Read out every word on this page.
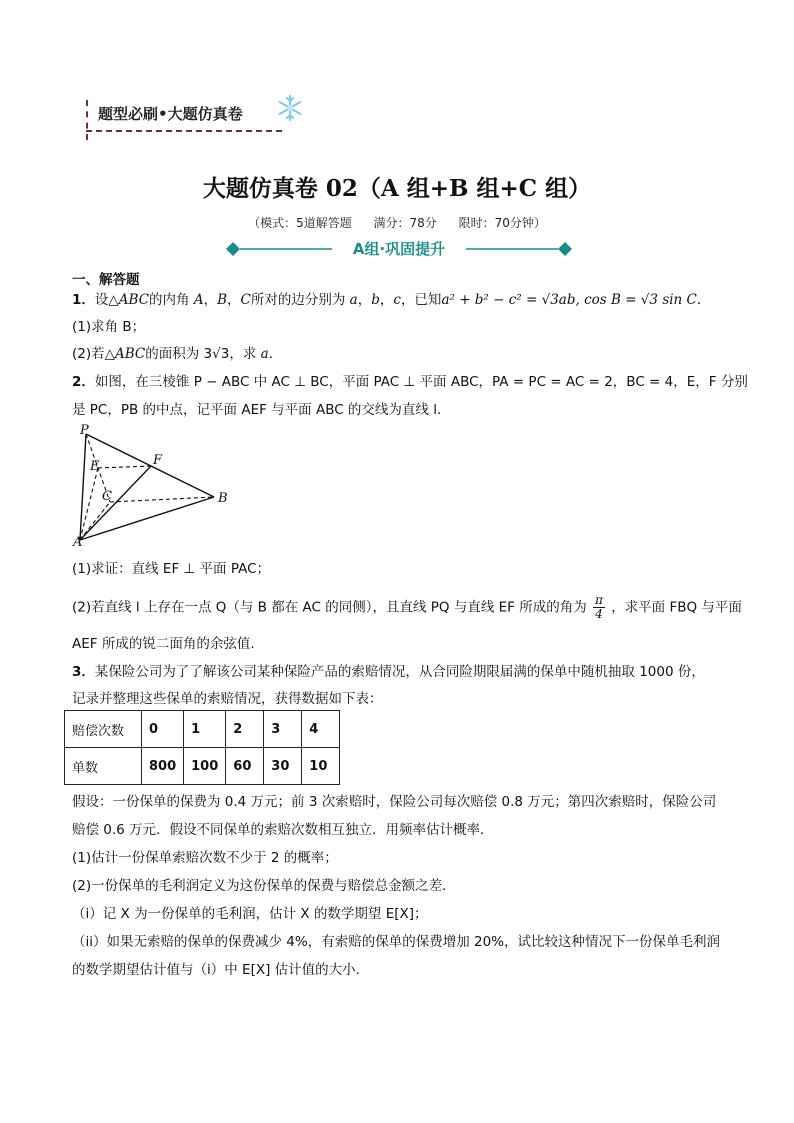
题型必刷•大题仿真卷
大题仿真卷 02（A 组+B 组+C 组）
（模式：5道解答题 满分：78分 限时：70分钟）
A组·巩固提升
一、解答题
1．设△ABC的内角 A，B，C所对的边分别为 a，b，c，已知a² + b² − c² = √3ab, cos B = √3 sin C．
(1)求角 B；
(2)若△ABC的面积为 3√3，求 a．
2．如图，在三棱锥 P − ABC 中 AC ⊥ BC，平面 PAC ⊥ 平面 ABC，PA = PC = AC = 2，BC = 4，E，F 分别
是 PC，PB 的中点，记平面 AEF 与平面 ABC 的交线为直线 l．
(1)求证：直线 EF ⊥ 平面 PAC；
(2)若直线 l 上存在一点 Q（与 B 都在 AC 的同侧），且直线 PQ 与直线 EF 所成的角为 $\frac{\pi}{4}$ ，求平面 FBQ 与平面
AEF 所成的锐二面角的余弦值.
3．某保险公司为了了解该公司某种保险产品的索赔情况，从合同险期限届满的保单中随机抽取 1000 份，
记录并整理这些保单的索赔情况，获得数据如下表：
假设：一份保单的保费为 0.4 万元；前 3 次索赔时，保险公司每次赔偿 0.8 万元；第四次索赔时，保险公司
赔偿 0.6 万元．假设不同保单的索赔次数相互独立．用频率估计概率．
(1)估计一份保单索赔次数不少于 2 的概率；
(2)一份保单的毛利润定义为这份保单的保费与赔偿总金额之差．
（i）记 X 为一份保单的毛利润，估计 X 的数学期望 E[X]；
（ii）如果无索赔的保单的保费减少 4%，有索赔的保单的保费增加 20%，试比较这种情况下一份保单毛利润
的数学期望估计值与（i）中 E[X] 估计值的大小．
P
E	F
C	B
A
赔偿次数	0	1	2	3	4
单数	800	100	60	30	10
